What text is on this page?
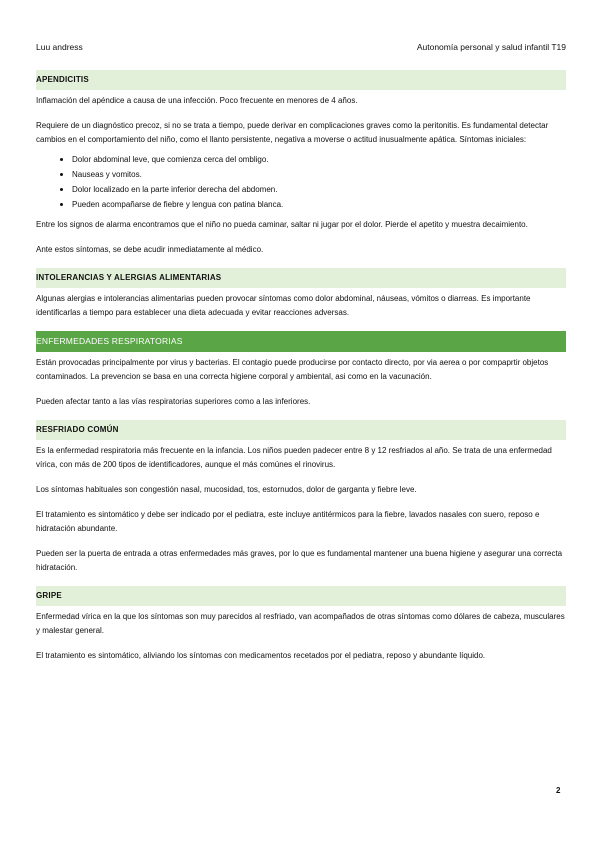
Luu andress	Autonomía personal y salud infantil T19
APENDICITIS

Inflamación del apéndice a causa de una infección. Poco frecuente en menores de 4 años.

Requiere de un diagnóstico precoz, si no se trata a tiempo, puede derivar en complicaciones graves como la peritonitis. Es fundamental detectar cambios en el comportamiento del niño, como el llanto persistente, negativa a moverse o actitud inusualmente apática. Síntomas iniciales:

• Dolor abdominal leve, que comienza cerca del ombligo.
• Nauseas y vomitos.
• Dolor localizado en la parte inferior derecha del abdomen.
• Pueden acompañarse de fiebre y lengua con patina blanca.

Entre los signos de alarma encontramos que el niño no pueda caminar, saltar ni jugar por el dolor. Pierde el apetito y muestra decaimiento.

Ante estos síntomas, se debe acudir inmediatamente al médico.

INTOLERANCIAS Y ALERGIAS ALIMENTARIAS

Algunas alergias e intolerancias alimentarias pueden provocar síntomas como dolor abdominal, náuseas, vómitos o diarreas. Es importante identificarlas a tiempo para establecer una dieta adecuada y evitar reacciones adversas.

ENFERMEDADES RESPIRATORIAS

Están provocadas principalmente por virus y bacterias. El contagio puede producirse por contacto directo, por via aerea o por compaprtir objetos contaminados. La prevencion se basa en una correcta higiene corporal y ambiental, asi como en la vacunación.

Pueden afectar tanto a las vías respiratorias superiores como a las inferiores.

RESFRIADO COMÚN

Es la enfermedad respiratoria más frecuente en la infancia. Los niños pueden padecer entre 8 y 12 resfriados al año. Se trata de una enfermedad vírica, con más de 200 tipos de identificadores, aunque el más comúnes el rinovirus.

Los síntomas habituales son congestión nasal, mucosidad, tos, estornudos, dolor de garganta y fiebre leve.

El tratamiento es sintomático y debe ser indicado por el pediatra, este incluye antitérmicos para la fiebre, lavados nasales con suero, reposo e hidratación abundante.

Pueden ser la puerta de entrada a otras enfermedades más graves, por lo que es fundamental mantener una buena higiene y asegurar una correcta hidratación.

GRIPE

Enfermedad vírica en la que los síntomas son muy parecidos al resfriado, van acompañados de otras síntomas como dólares de cabeza, musculares y malestar general.

El tratamiento es sintomático, aliviando los síntomas con medicamentos recetados por el pediatra, reposo y abundante líquido.

2
